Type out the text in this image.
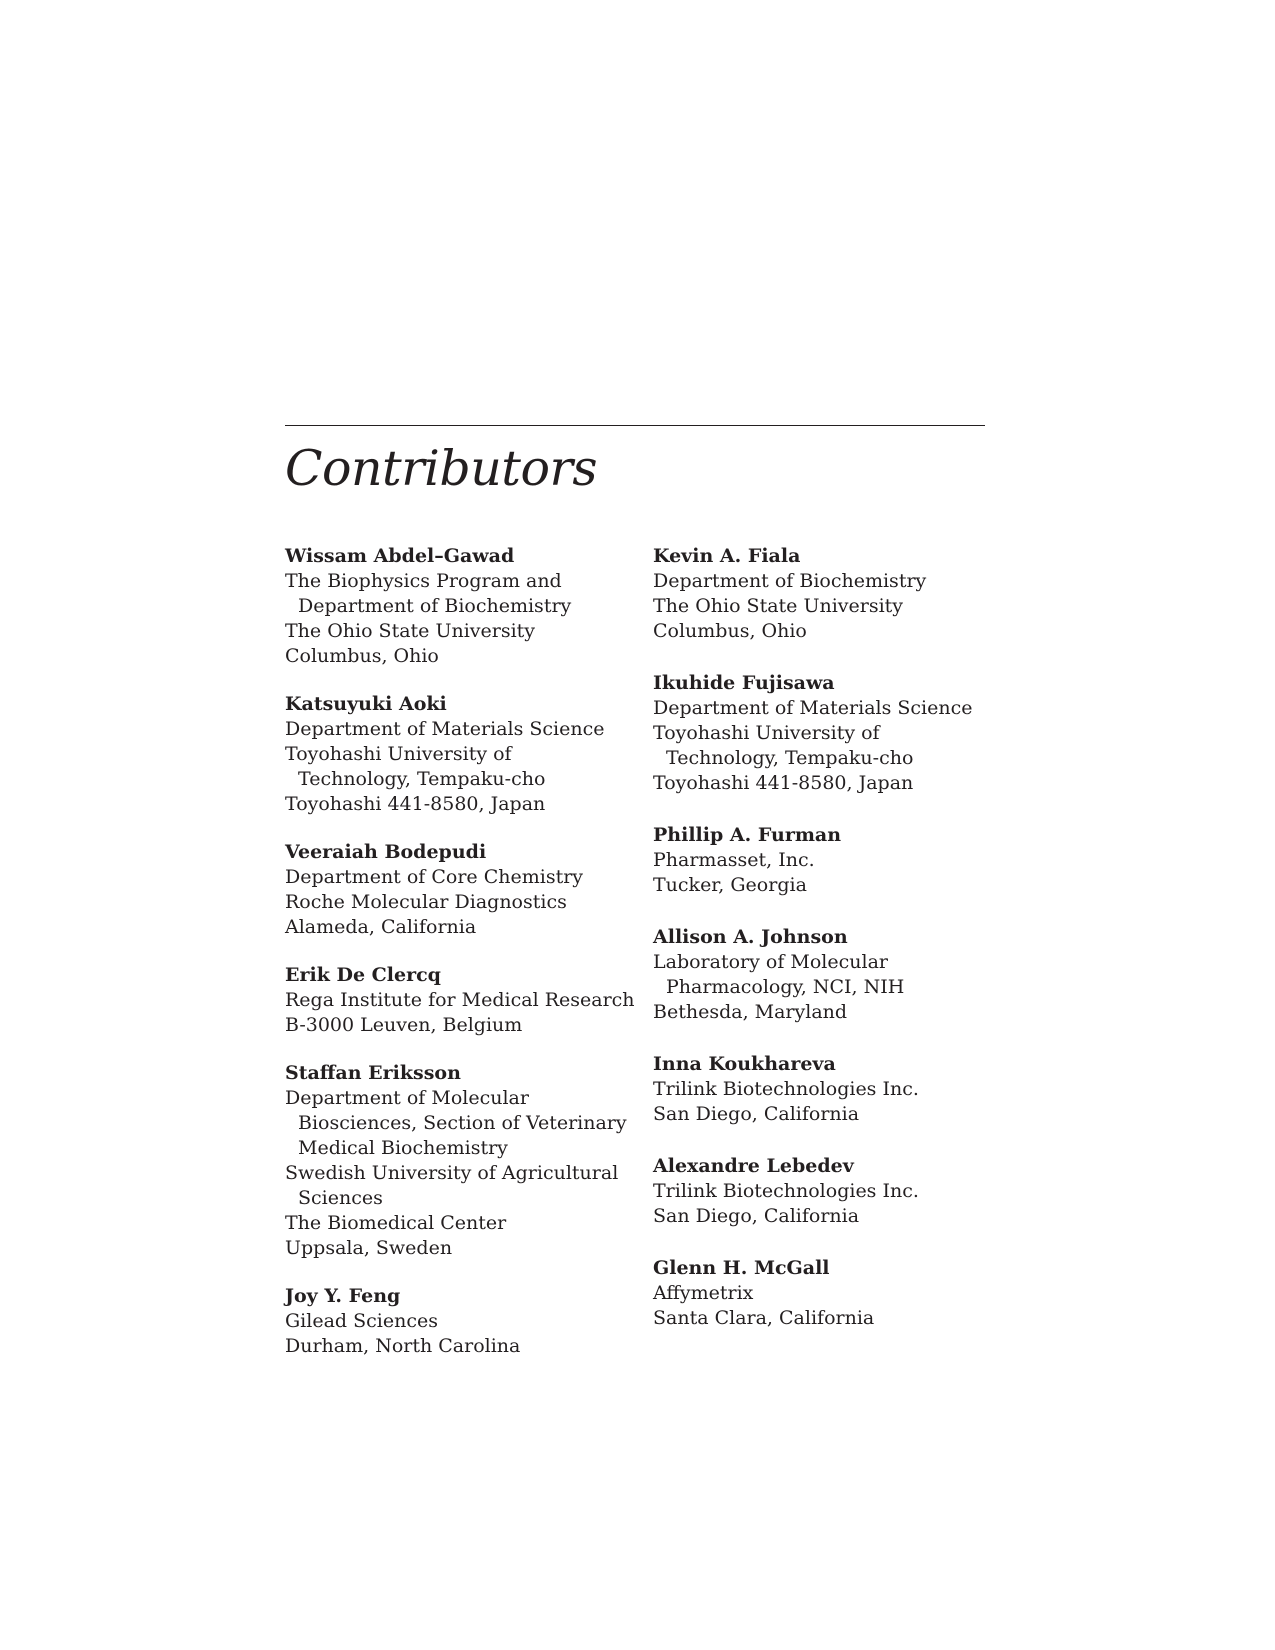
Contributors
Wissam Abdel–Gawad
The Biophysics Program and
Department of Biochemistry
The Ohio State University
Columbus, Ohio
Katsuyuki Aoki
Department of Materials Science
Toyohashi University of
Technology, Tempaku-cho
Toyohashi 441-8580, Japan
Veeraiah Bodepudi
Department of Core Chemistry
Roche Molecular Diagnostics
Alameda, California
Erik De Clercq
Rega Institute for Medical Research
B-3000 Leuven, Belgium
Staffan Eriksson
Department of Molecular
Biosciences, Section of Veterinary
Medical Biochemistry
Swedish University of Agricultural
Sciences
The Biomedical Center
Uppsala, Sweden
Joy Y. Feng
Gilead Sciences
Durham, North Carolina
Kevin A. Fiala
Department of Biochemistry
The Ohio State University
Columbus, Ohio
Ikuhide Fujisawa
Department of Materials Science
Toyohashi University of
Technology, Tempaku-cho
Toyohashi 441-8580, Japan
Phillip A. Furman
Pharmasset, Inc.
Tucker, Georgia
Allison A. Johnson
Laboratory of Molecular
Pharmacology, NCI, NIH
Bethesda, Maryland
Inna Koukhareva
Trilink Biotechnologies Inc.
San Diego, California
Alexandre Lebedev
Trilink Biotechnologies Inc.
San Diego, California
Glenn H. McGall
Affymetrix
Santa Clara, California
